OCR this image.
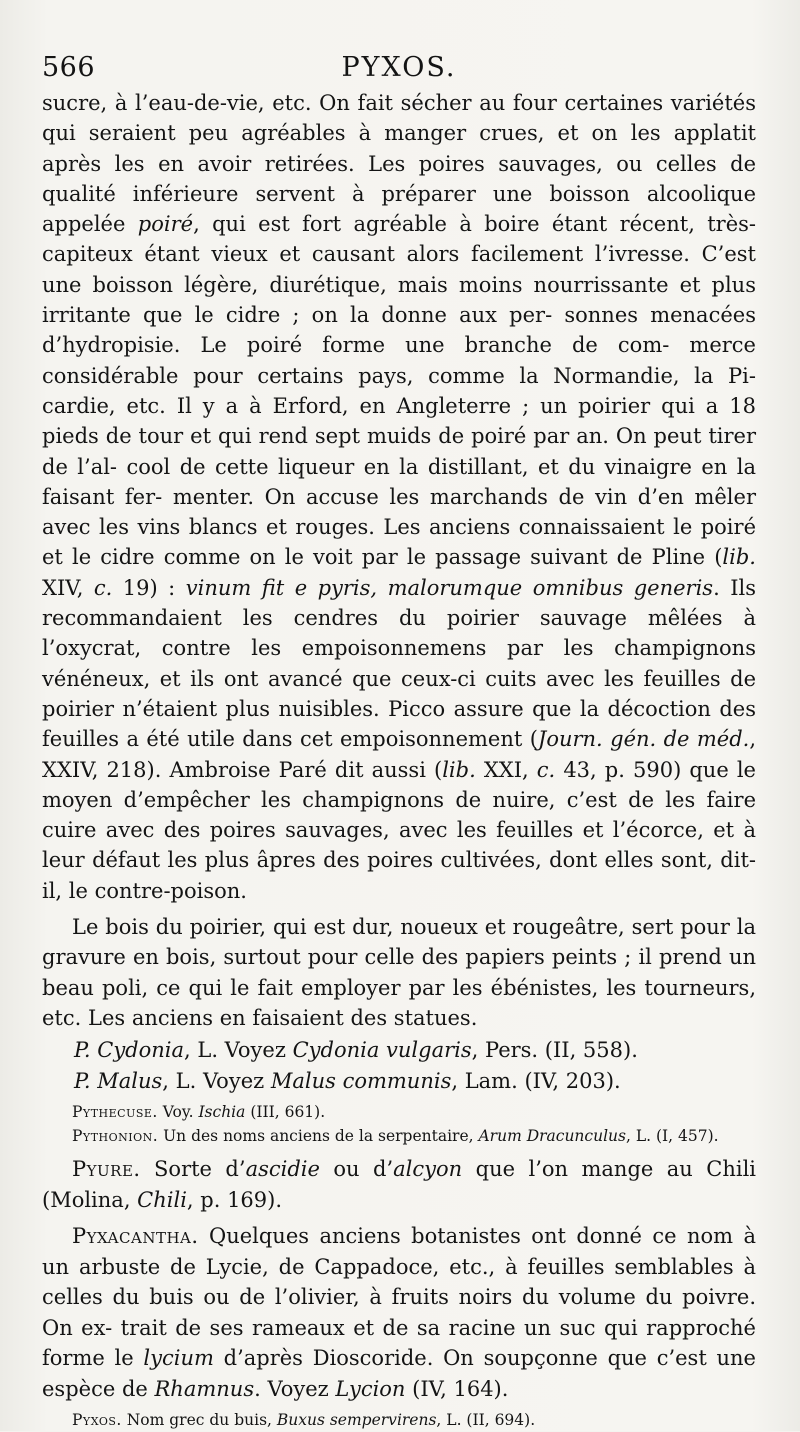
566	PYXOS.

sucre, à l’eau-de-vie, etc. On fait sécher au four certaines variétés qui seraient peu agréables à manger crues, et on les applatit après les en avoir retirées. Les poires sauvages, ou celles de qualité inférieure servent à préparer une boisson alcoolique appelée poiré, qui est fort agréable à boire étant récent, très-capiteux étant vieux et causant alors facilement l’ivresse. C’est une boisson légère, diurétique, mais moins nourrissante et plus irritante que le cidre ; on la donne aux per- sonnes menacées d’hydropisie. Le poiré forme une branche de com- merce considérable pour certains pays, comme la Normandie, la Pi- cardie, etc. Il y a à Erford, en Angleterre ; un poirier qui a 18 pieds de tour et qui rend sept muids de poiré par an. On peut tirer de l’al- cool de cette liqueur en la distillant, et du vinaigre en la faisant fer- menter. On accuse les marchands de vin d’en mêler avec les vins blancs et rouges. Les anciens connaissaient le poiré et le cidre comme on le voit par le passage suivant de Pline (lib. XIV, c. 19) : vinum fit e pyris, malorumque omnibus generis. Ils recommandaient les cendres du poirier sauvage mêlées à l’oxycrat, contre les empoisonnemens par les champignons vénéneux, et ils ont avancé que ceux-ci cuits avec les feuilles de poirier n’étaient plus nuisibles. Picco assure que la décoction des feuilles a été utile dans cet empoisonnement (Journ. gén. de méd., XXIV, 218). Ambroise Paré dit aussi (lib. XXI, c. 43, p. 590) que le moyen d’empêcher les champignons de nuire, c’est de les faire cuire avec des poires sauvages, avec les feuilles et l’écorce, et à leur défaut les plus âpres des poires cultivées, dont elles sont, dit-il, le contre-poison.

Le bois du poirier, qui est dur, noueux et rougeâtre, sert pour la gravure en bois, surtout pour celle des papiers peints ; il prend un beau poli, ce qui le fait employer par les ébénistes, les tourneurs, etc. Les anciens en faisaient des statues.

P. Cydonia, L. Voyez Cydonia vulgaris, Pers. (II, 558).

P. Malus, L. Voyez Malus communis, Lam. (IV, 203).

Pythecuse. Voy. Ischia (III, 661).

Pythonion. Un des noms anciens de la serpentaire, Arum Dracunculus, L. (I, 457).

Pyure. Sorte d’ascidie ou d’alcyon que l’on mange au Chili (Molina, Chili, p. 169).

Pyxacantha. Quelques anciens botanistes ont donné ce nom à un arbuste de Lycie, de Cappadoce, etc., à feuilles semblables à celles du buis ou de l’olivier, à fruits noirs du volume du poivre. On ex- trait de ses rameaux et de sa racine un suc qui rapproché forme le lycium d’après Dioscoride. On soupçonne que c’est une espèce de Rhamnus. Voyez Lycion (IV, 164).

Pyxos. Nom grec du buis, Buxus sempervirens, L. (II, 694).
